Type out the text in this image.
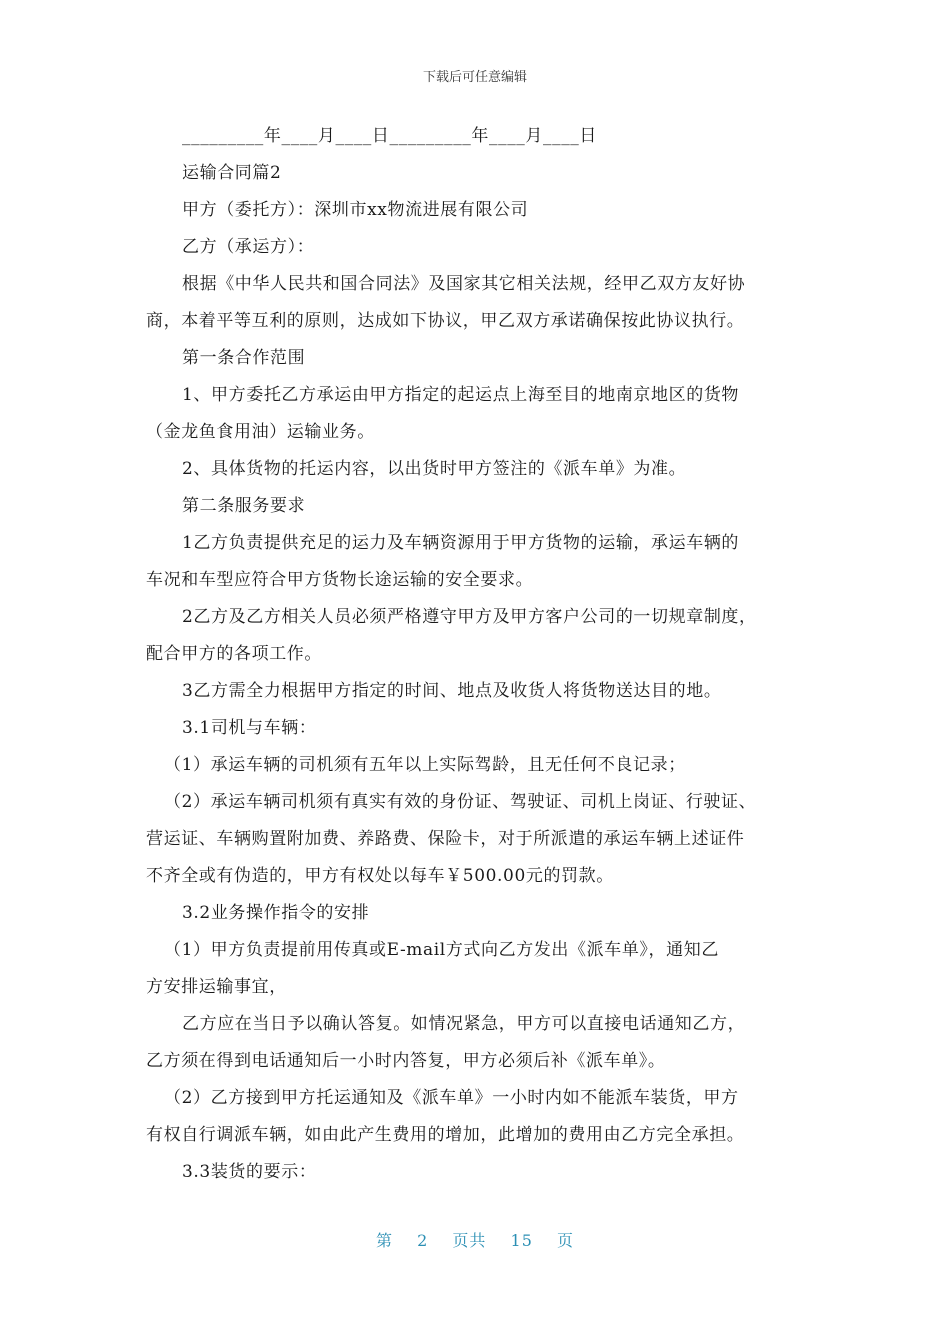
下载后可任意编辑
_________年____月____日_________年____月____日
运输合同篇2
甲方（委托方）：深圳市xx物流进展有限公司
乙方（承运方）：
根据《中华人民共和国合同法》及国家其它相关法规，经甲乙双方友好协
商，本着平等互利的原则，达成如下协议，甲乙双方承诺确保按此协议执行。
第一条合作范围
1、甲方委托乙方承运由甲方指定的起运点上海至目的地南京地区的货物
（金龙鱼食用油）运输业务。
2、具体货物的托运内容，以出货时甲方签注的《派车单》为准。
第二条服务要求
1乙方负责提供充足的运力及车辆资源用于甲方货物的运输，承运车辆的
车况和车型应符合甲方货物长途运输的安全要求。
2乙方及乙方相关人员必须严格遵守甲方及甲方客户公司的一切规章制度，
配合甲方的各项工作。
3乙方需全力根据甲方指定的时间、地点及收货人将货物送达目的地。
3.1司机与车辆：
（1）承运车辆的司机须有五年以上实际驾龄，且无任何不良记录；
（2）承运车辆司机须有真实有效的身份证、驾驶证、司机上岗证、行驶证、
营运证、车辆购置附加费、养路费、保险卡，对于所派遣的承运车辆上述证件
不齐全或有伪造的，甲方有权处以每车￥500.00元的罚款。
3.2业务操作指令的安排
（1）甲方负责提前用传真或E-mail方式向乙方发出《派车单》，通知乙
方安排运输事宜，
乙方应在当日予以确认答复。如情况紧急，甲方可以直接电话通知乙方，
乙方须在得到电话通知后一小时内答复，甲方必须后补《派车单》。
（2）乙方接到甲方托运通知及《派车单》一小时内如不能派车装货，甲方
有权自行调派车辆，如由此产生费用的增加，此增加的费用由乙方完全承担。
3.3装货的要示：
第 2 页共 15 页
